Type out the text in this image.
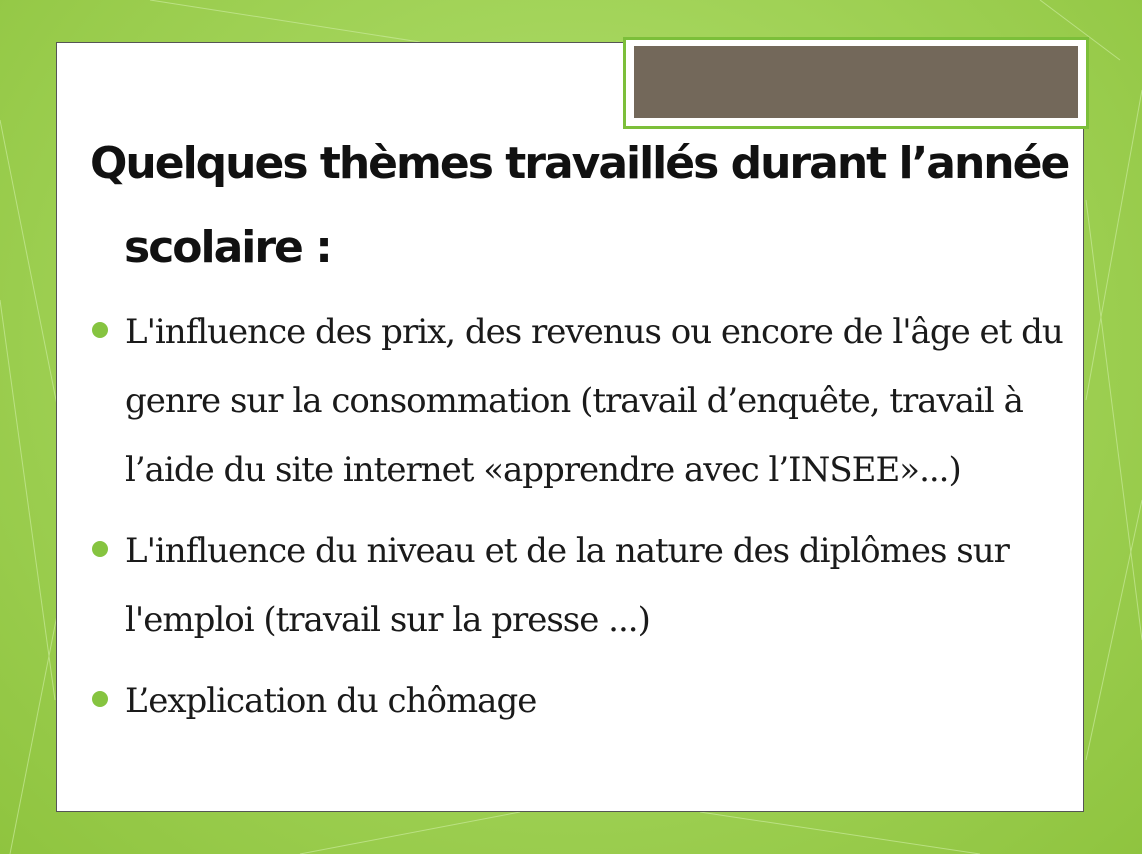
Quelques thèmes travaillés durant l’année
scolaire :
L'influence des prix, des revenus ou encore de l'âge et du genre sur la consommation (travail d’enquête, travail à l’aide du site internet «apprendre avec l’INSEE»...)
L'influence du niveau et de la nature des diplômes sur l'emploi (travail sur la presse ...)
L’explication du chômage
